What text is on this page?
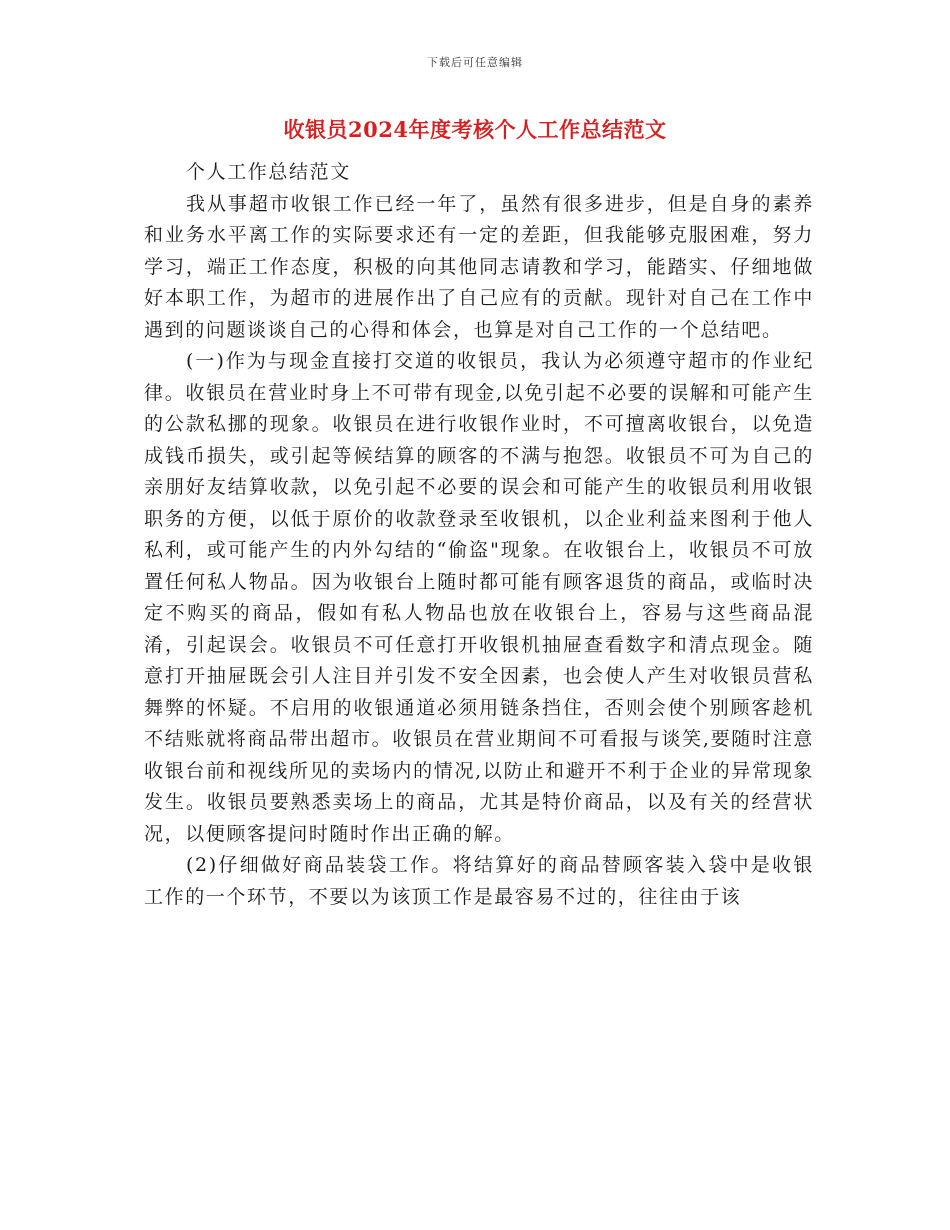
下载后可任意编辑
收银员2024年度考核个人工作总结范文

个人工作总结范文

我从事超市收银工作已经一年了，虽然有很多进步，但是自身的素养和业务水平离工作的实际要求还有一定的差距，但我能够克服困难，努力学习，端正工作态度，积极的向其他同志请教和学习，能踏实、仔细地做好本职工作，为超市的进展作出了自己应有的贡献。现针对自己在工作中遇到的问题谈谈自己的心得和体会，也算是对自己工作的一个总结吧。

(一)作为与现金直接打交道的收银员，我认为必须遵守超市的作业纪律。收银员在营业时身上不可带有现金,以免引起不必要的误解和可能产生的公款私挪的现象。收银员在进行收银作业时，不可擅离收银台，以免造成钱币损失，或引起等候结算的顾客的不满与抱怨。收银员不可为自己的亲朋好友结算收款，以免引起不必要的误会和可能产生的收银员利用收银职务的方便，以低于原价的收款登录至收银机，以企业利益来图利于他人私利，或可能产生的内外勾结的“偷盗"现象。在收银台上，收银员不可放置任何私人物品。因为收银台上随时都可能有顾客退货的商品，或临时决定不购买的商品，假如有私人物品也放在收银台上，容易与这些商品混淆，引起误会。收银员不可任意打开收银机抽屉查看数字和清点现金。随意打开抽屉既会引人注目并引发不安全因素，也会使人产生对收银员营私舞弊的怀疑。不启用的收银通道必须用链条挡住，否则会使个别顾客趁机不结账就将商品带出超市。收银员在营业期间不可看报与谈笑,要随时注意收银台前和视线所见的卖场内的情况,以防止和避开不利于企业的异常现象发生。收银员要熟悉卖场上的商品，尤其是特价商品，以及有关的经营状况，以便顾客提问时随时作出正确的解。

(2)仔细做好商品装袋工作。将结算好的商品替顾客装入袋中是收银工作的一个环节，不要以为该顶工作是最容易不过的，往往由于该
